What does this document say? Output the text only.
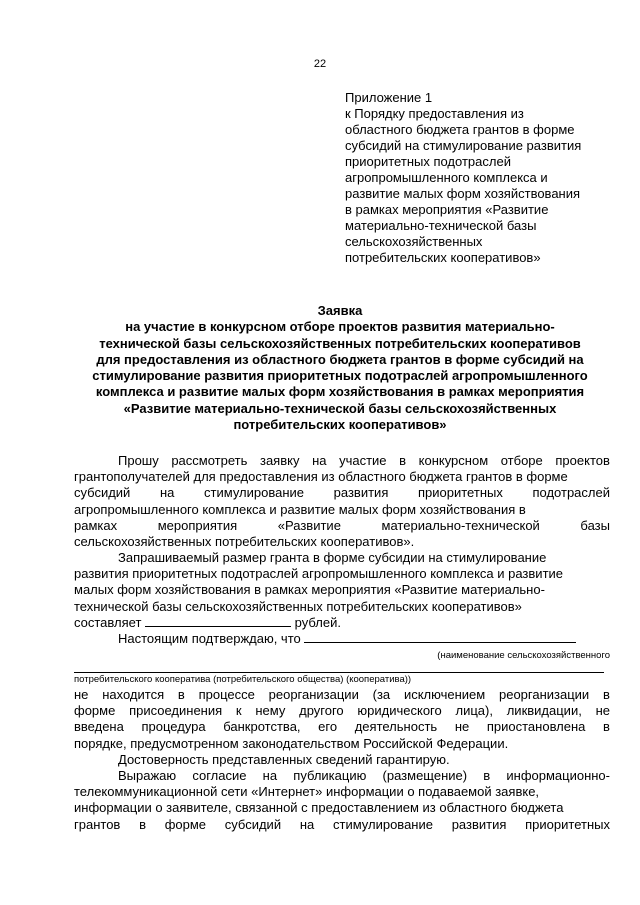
22
Приложение 1
к Порядку предоставления из
областного бюджета грантов в форме
субсидий на стимулирование развития
приоритетных подотраслей
агропромышленного комплекса и
развитие малых форм хозяйствования
в рамках мероприятия «Развитие
материально-технической базы
сельскохозяйственных
потребительских кооперативов»
Заявка
на участие в конкурсном отборе проектов развития материально-
технической базы сельскохозяйственных потребительских кооперативов
для предоставления из областного бюджета грантов в форме субсидий на
стимулирование развития приоритетных подотраслей агропромышленного
комплекса и развитие малых форм хозяйствования в рамках мероприятия
«Развитие материально-технической базы сельскохозяйственных
потребительских кооперативов»
Прошу рассмотреть заявку на участие в конкурсном отборе проектов
грантополучателей для предоставления из областного бюджета грантов в форме
субсидий на стимулирование развития приоритетных подотраслей
агропромышленного комплекса и развитие малых форм хозяйствования в
рамках	мероприятия	«Развитие	материально-технической	базы
сельскохозяйственных потребительских кооперативов».
Запрашиваемый размер гранта в форме субсидии на стимулирование
развития приоритетных подотраслей агропромышленного комплекса и развитие
малых форм хозяйствования в рамках мероприятия «Развитие материально-
технической базы сельскохозяйственных потребительских кооперативов»
составляет	рублей.
Настоящим подтверждаю, что
(наименование сельскохозяйственного
потребительского кооператива (потребительского общества) (кооператива))
не находится в процессе реорганизации (за исключением реорганизации в
форме присоединения к нему другого юридического лица), ликвидации, не
введена процедура банкротства, его деятельность не приостановлена в
порядке, предусмотренном законодательством Российской Федерации.
Достоверность представленных сведений гарантирую.
Выражаю согласие на публикацию (размещение) в информационно-
телекоммуникационной сети «Интернет» информации о подаваемой заявке,
информации о заявителе, связанной с предоставлением из областного бюджета
грантов в форме субсидий на стимулирование развития приоритетных
